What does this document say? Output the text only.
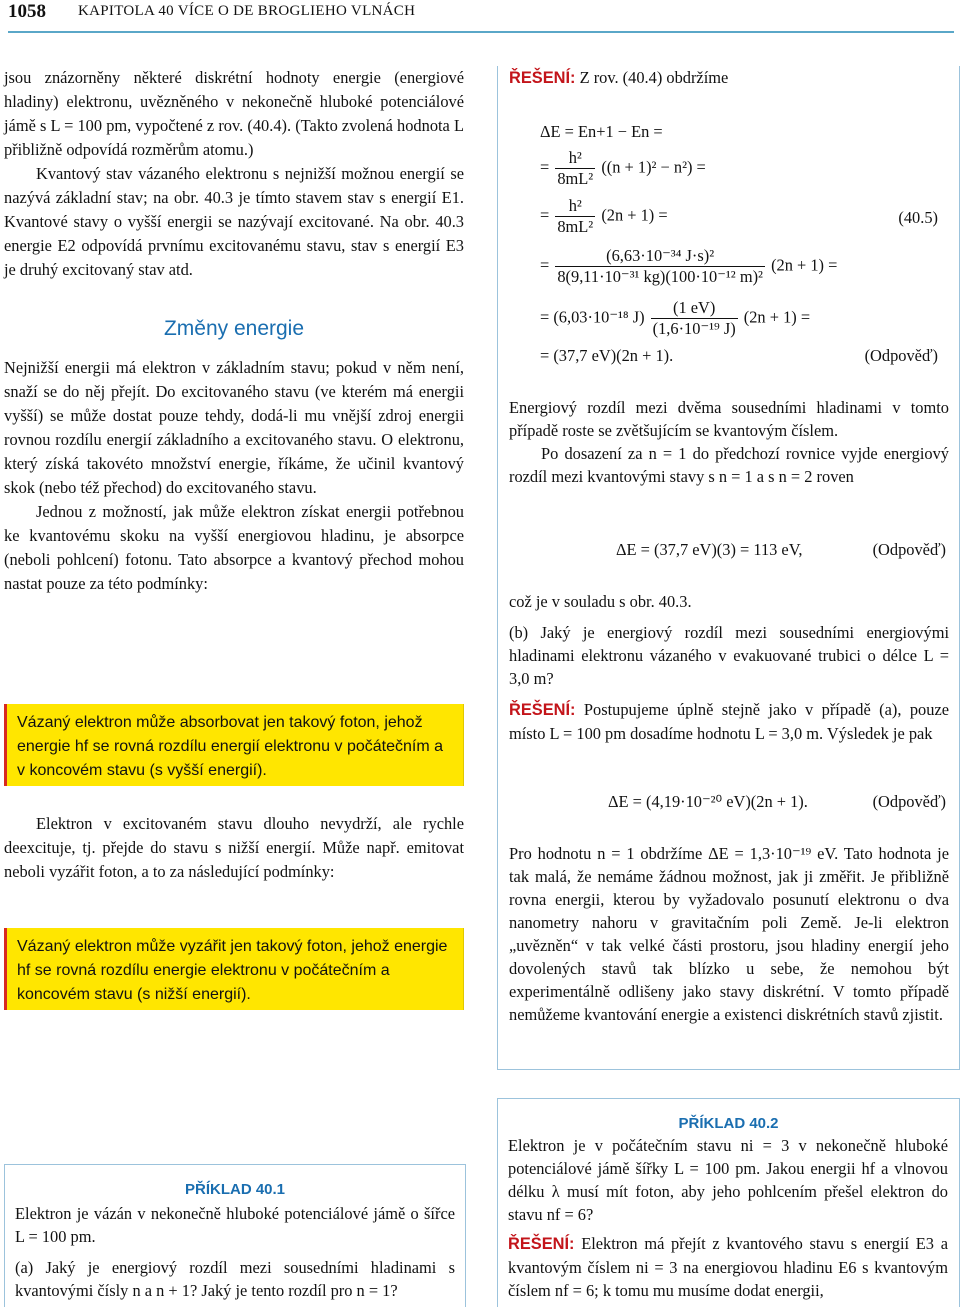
1058 KAPITOLA 40 VÍCE O DE BROGLIEHO VLNÁCH

jsou znázorněny některé diskrétní hodnoty energie (energiové hladiny) elektronu, uvězněného v nekonečně hluboké potenciálové jámě s L = 100 pm, vypočtené z rov. (40.4). (Takto zvolená hodnota L přibližně odpovídá rozměrům atomu.)

Kvantový stav vázaného elektronu s nejnižší možnou energií se nazývá základní stav; na obr. 40.3 je tímto stavem stav s energií E1. Kvantové stavy o vyšší energii se nazývají excitované. Na obr. 40.3 energie E2 odpovídá prvnímu excitovanému stavu, stav s energií E3 je druhý excitovaný stav atd.

Změny energie

Nejnižší energii má elektron v základním stavu; pokud v něm není, snaží se do něj přejít. Do excitovaného stavu (ve kterém má energii vyšší) se může dostat pouze tehdy, dodá-li mu vnější zdroj energii rovnou rozdílu energií základního a excitovaného stavu. O elektronu, který získá takovéto množství energie, říkáme, že učinil kvantový skok (nebo též přechod) do excitovaného stavu.

Jednou z možností, jak může elektron získat energii potřebnou ke kvantovému skoku na vyšší energiovou hladinu, je absorpce (neboli pohlcení) fotonu. Tato absorpce a kvantový přechod mohou nastat pouze za této podmínky:

Vázaný elektron může absorbovat jen takový foton, jehož energie hf se rovná rozdílu energií elektronu v počátečním a v koncovém stavu (s vyšší energií).

Elektron v excitovaném stavu dlouho nevydrží, ale rychle deexcituje, tj. přejde do stavu s nižší energií. Může např. emitovat neboli vyzářit foton, a to za následující podmínky:

Vázaný elektron může vyzářit jen takový foton, jehož energie hf se rovná rozdílu energie elektronu v počátečním a koncovém stavu (s nižší energií).
PŘÍKLAD 40.1

Elektron je vázán v nekonečně hluboké potenciálové jámě o šířce L = 100 pm.

(a) Jaký je energiový rozdíl mezi sousedními hladinami s kvantovými čísly n a n + 1? Jaký je tento rozdíl pro n = 1?

ŘEŠENÍ: Z rov. (40.4) obdržíme

ΔE = En+1 − En =
= $\frac{\text{h²}}{\text{8mL²}} ((n + 1)^2 - n^2)$ =
= $\frac{\text{h²}}{\text{8mL²}} (2n + 1)$ =	(40.5)
= $\frac{\text{(6,63·10⁻³⁴ J·s)²}}{\text{8(9,11·10⁻³¹ kg)(100·10⁻¹² m)²}} (2n + 1)$ =
= (6,03·10⁻¹⁸ $J) \frac{(1 eV)}{\text{(1,6·10⁻¹⁹ J)}} (2n + 1)$ =
= (37,7 eV)(2n + 1).	(Odpověď)

Energiový rozdíl mezi dvěma sousedními hladinami v tomto případě roste se zvětšujícím se kvantovým číslem.

Po dosazení za n = 1 do předchozí rovnice vyjde energiový rozdíl mezi kvantovými stavy s n = 1 a s n = 2 roven

ΔE = (37,7 eV)(3) = 113 eV,	(Odpověď)

což je v souladu s obr. 40.3.

(b) Jaký je energiový rozdíl mezi sousedními energiovými hladinami elektronu vázaného v evakuované trubici o délce L = 3,0 m?

ŘEŠENÍ: Postupujeme úplně stejně jako v případě (a), pouze místo L = 100 pm dosadíme hodnotu L = 3,0 m. Výsledek je pak

ΔE = (4,19·10⁻²⁰ eV)(2n + 1).	(Odpověď)

Pro hodnotu n = 1 obdržíme ΔE = 1,3·10⁻¹⁹ eV. Tato hodnota je tak malá, že nemáme žádnou možnost, jak ji změřit. Je přibližně rovna energii, kterou by vyžadovalo posunutí elektronu o dva nanometry nahoru v gravitačním poli Země. Je-li elektron „uvězněn“ v tak velké části prostoru, jsou hladiny energií jeho dovolených stavů tak blízko u sebe, že nemohou být experimentálně odlišeny jako stavy diskrétní. V tomto případě nemůžeme kvantování energie a existenci diskrétních stavů zjistit.

PŘÍKLAD 40.2

Elektron je v počátečním stavu ni = 3 v nekonečně hluboké potenciálové jámě šířky L = 100 pm. Jakou energii hf a vlnovou délku λ musí mít foton, aby jeho pohlcením přešel elektron do stavu nf = 6?

ŘEŠENÍ: Elektron má přejít z kvantového stavu s energií E3 a kvantovým číslem ni = 3 na energiovou hladinu E6 s kvantovým číslem nf = 6; k tomu mu musíme dodat energii,
